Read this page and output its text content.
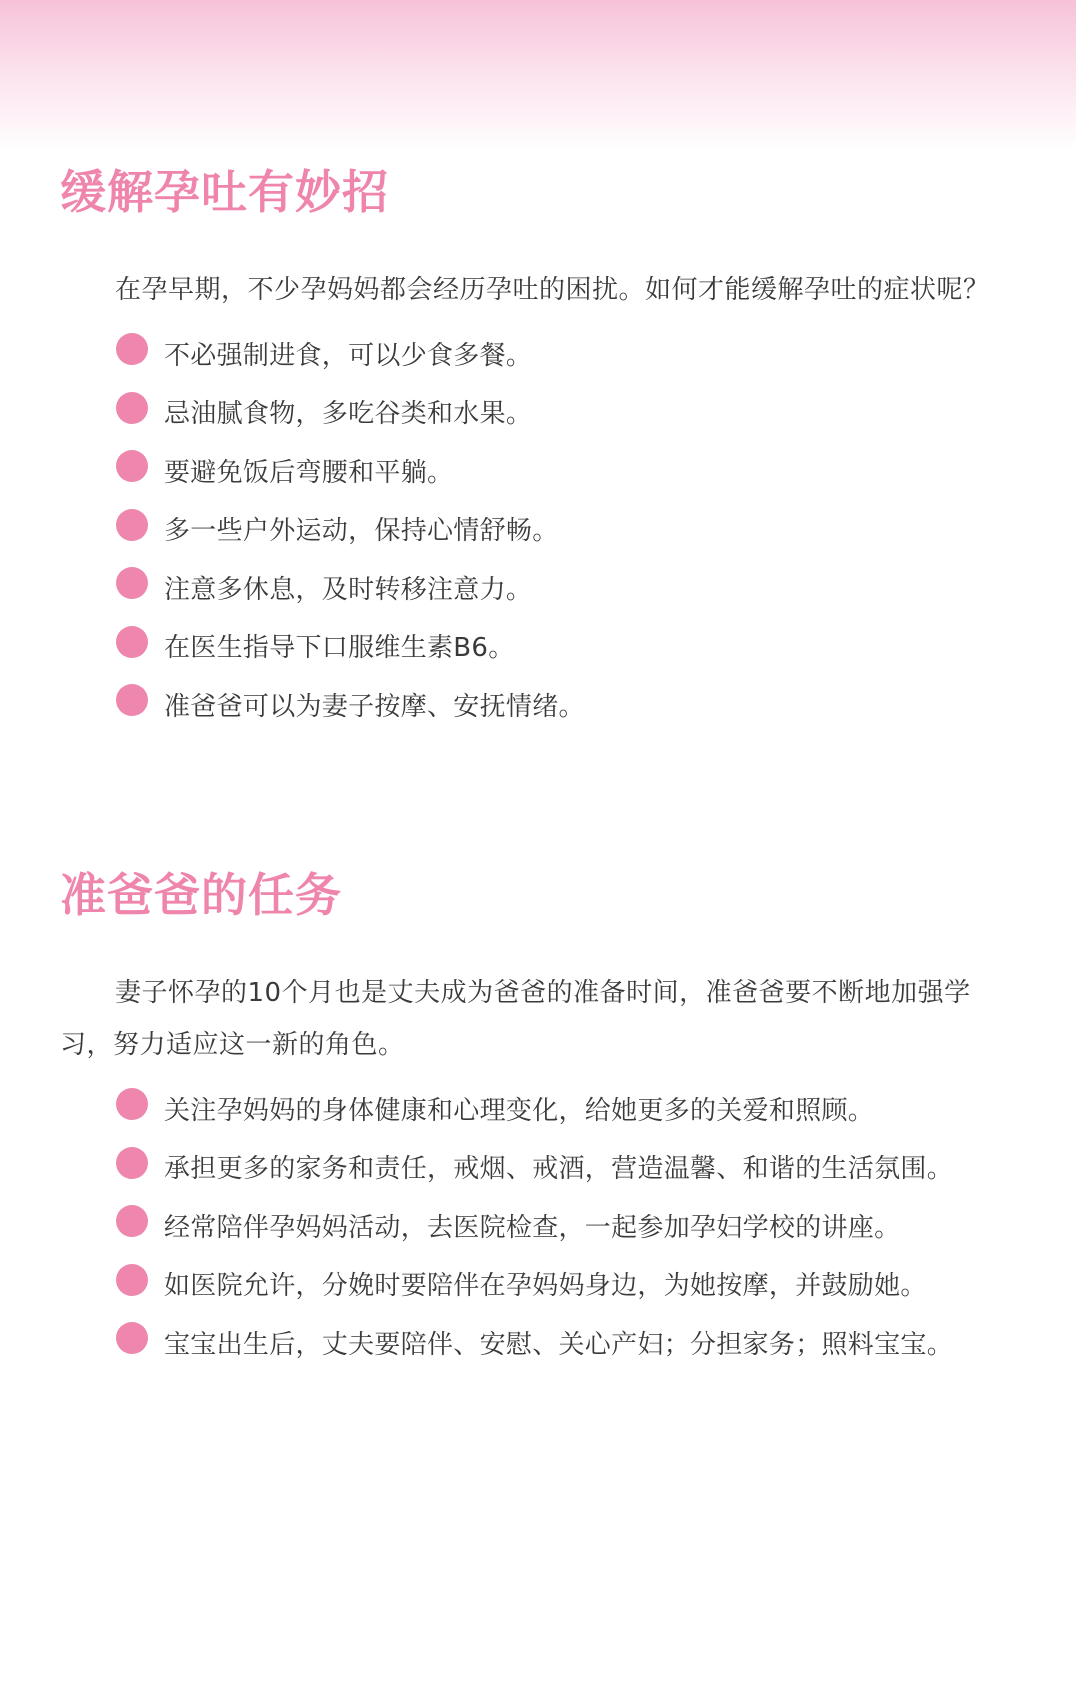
缓解孕吐有妙招

在孕早期，不少孕妈妈都会经历孕吐的困扰。如何才能缓解孕吐的症状呢？

不必强制进食，可以少食多餐。
忌油腻食物，多吃谷类和水果。
要避免饭后弯腰和平躺。
多一些户外运动，保持心情舒畅。
注意多休息，及时转移注意力。
在医生指导下口服维生素B6。
准爸爸可以为妻子按摩、安抚情绪。
准爸爸的任务

妻子怀孕的10个月也是丈夫成为爸爸的准备时间，准爸爸要不断地加强学习，努力适应这一新的角色。

关注孕妈妈的身体健康和心理变化，给她更多的关爱和照顾。
承担更多的家务和责任，戒烟、戒酒，营造温馨、和谐的生活氛围。
经常陪伴孕妈妈活动，去医院检查，一起参加孕妇学校的讲座。
如医院允许，分娩时要陪伴在孕妈妈身边，为她按摩，并鼓励她。
宝宝出生后，丈夫要陪伴、安慰、关心产妇；分担家务；照料宝宝。
